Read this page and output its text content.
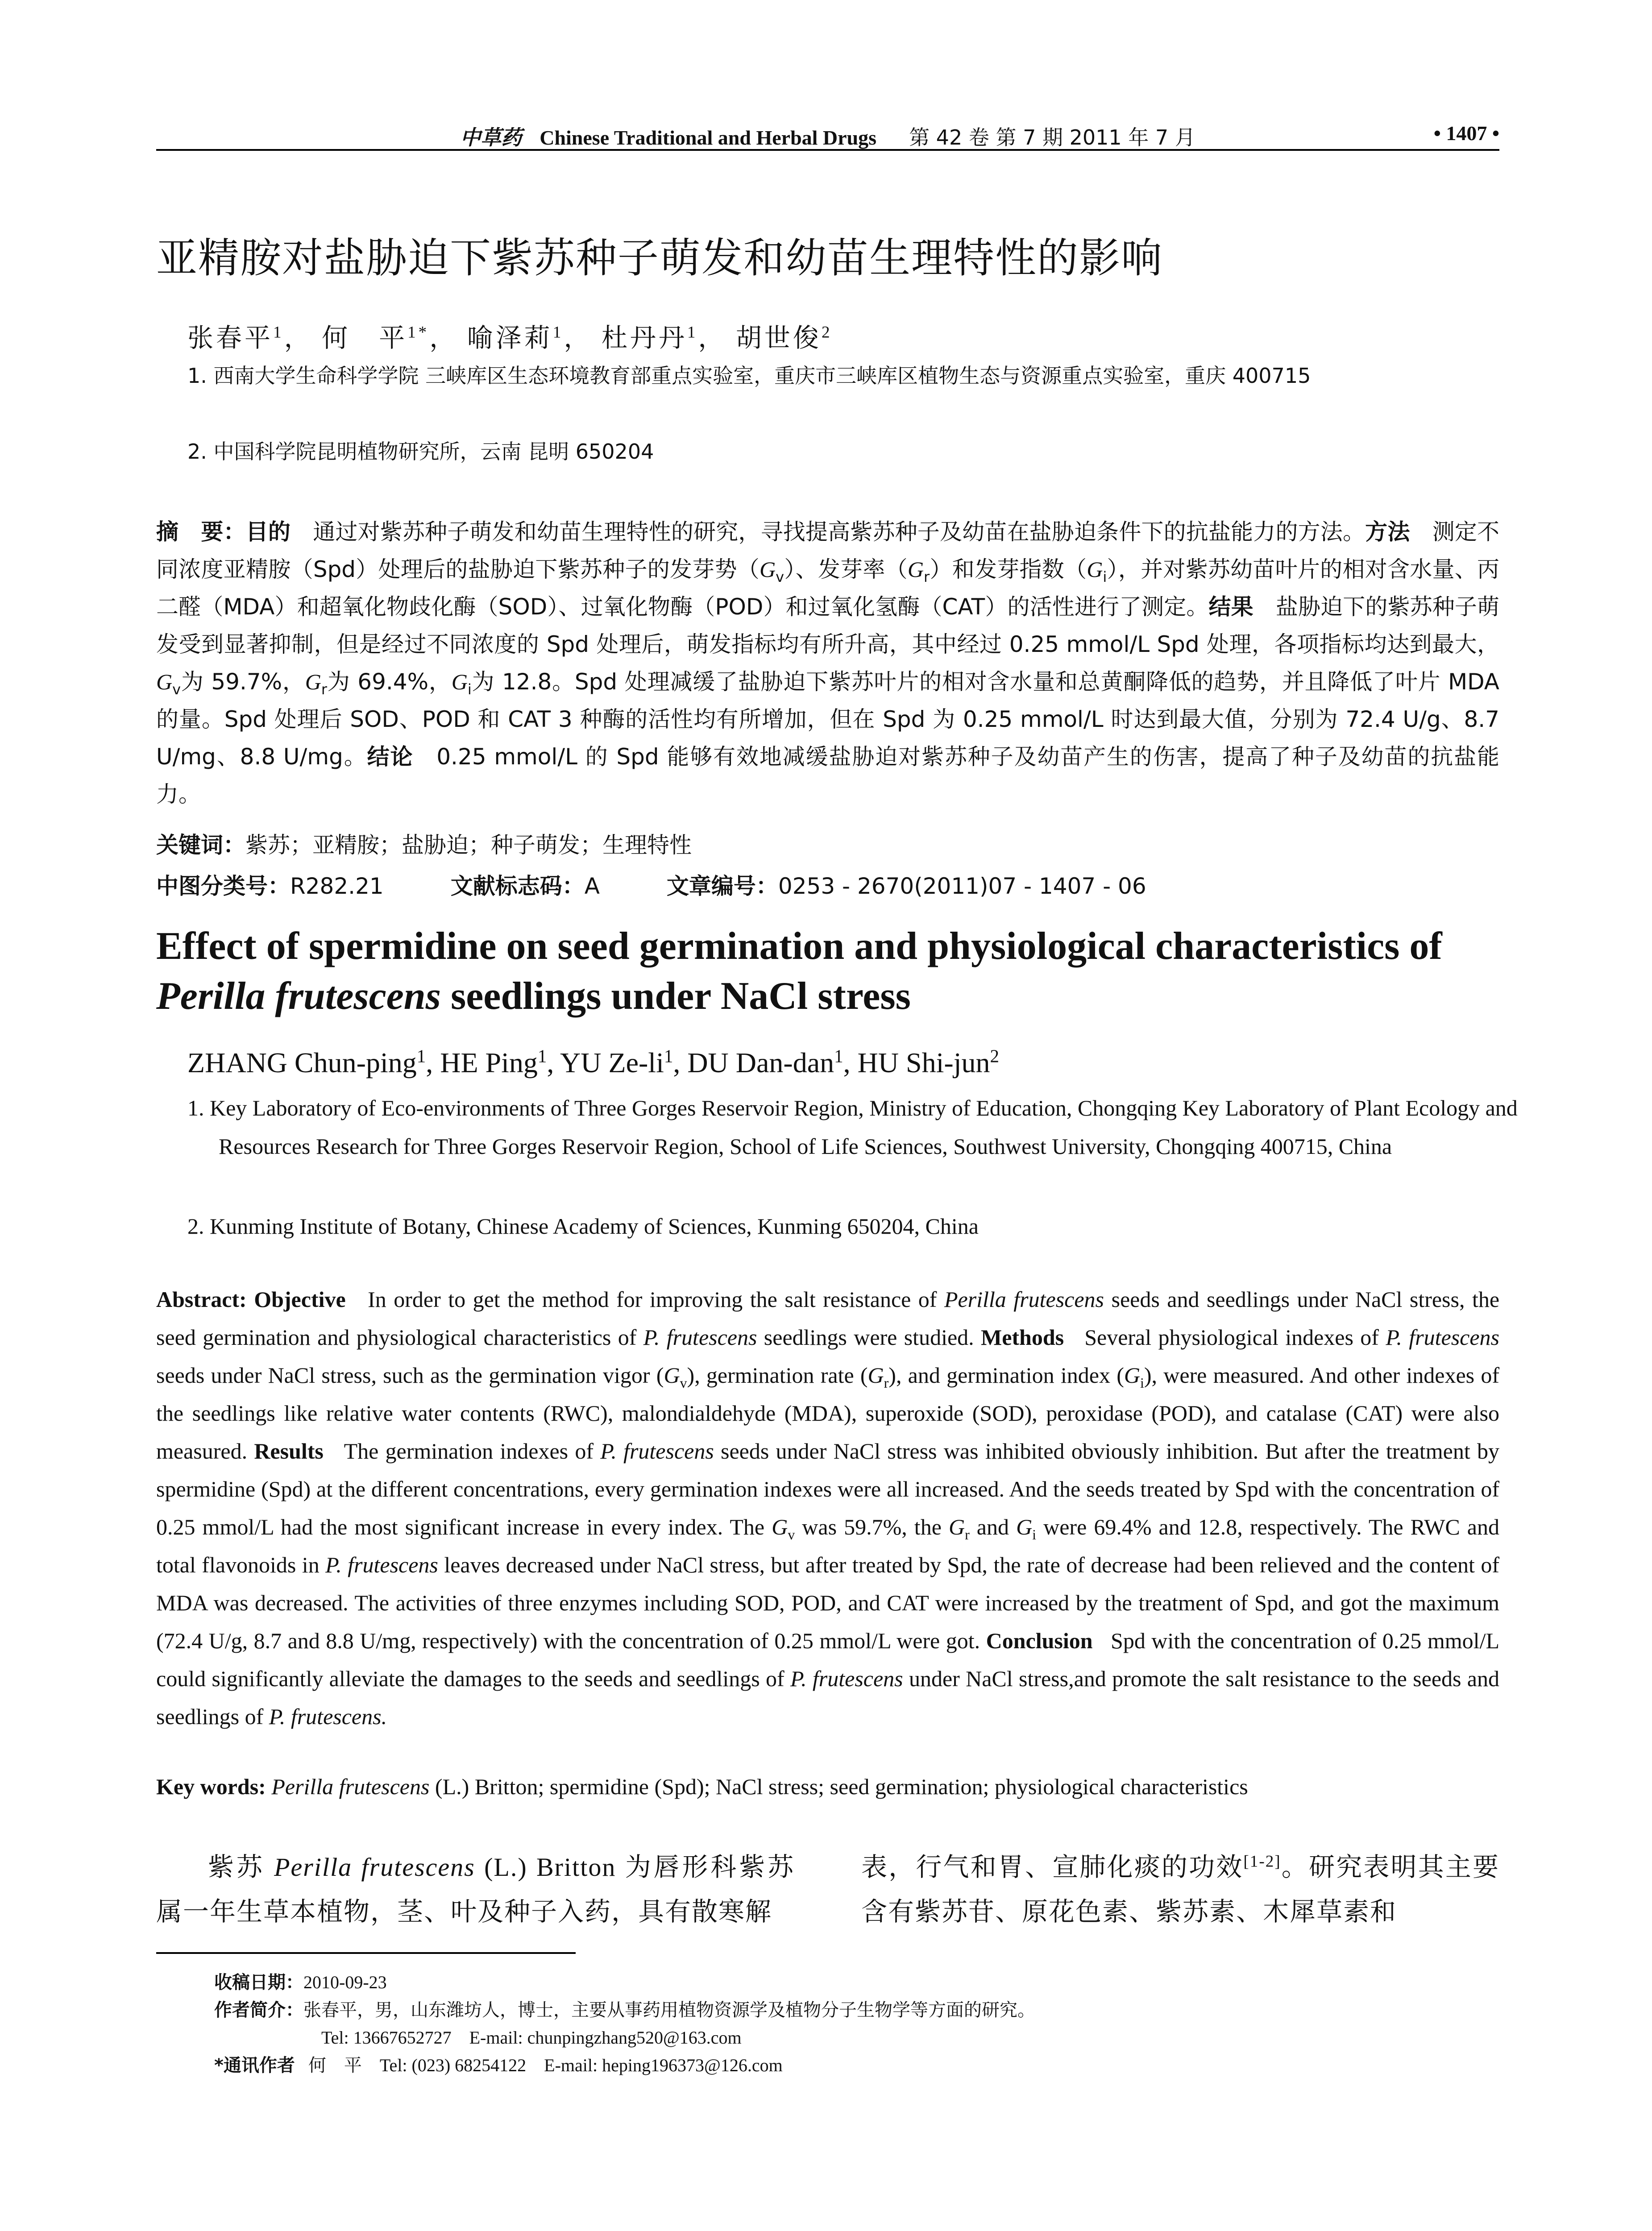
中草药 Chinese Traditional and Herbal Drugs 第 42 卷 第 7 期 2011 年 7 月	• 1407 •
亚精胺对盐胁迫下紫苏种子萌发和幼苗生理特性的影响
张春平$^1$， 何　平$^{1*}$， 喻泽莉$^1$， 杜丹丹$^1$， 胡世俊$^2$
1. 西南大学生命科学学院 三峡库区生态环境教育部重点实验室，重庆市三峡库区植物生态与资源重点实验室，重庆 400715
2. 中国科学院昆明植物研究所，云南 昆明 650204
摘　要：目的　 通过对紫苏种子萌发和幼苗生理特性的研究，寻找提高紫苏种子及幼苗在盐胁迫条件下的抗盐能力的方法。方法　 测定不同浓度亚精胺（Spd）处理后的盐胁迫下紫苏种子的发芽势$(G_v)$、发芽率$(G_r)$和发芽指数$(G_i)$，并对紫苏幼苗叶片的相对含水量、丙二醛（MDA）和超氧化物歧化酶（SOD）、过氧化物酶（POD）和过氧化氢酶（CAT）的活性进行了测定。结果　 盐胁迫下的紫苏种子萌发受到显著抑制，但是经过不同浓度的 Spd 处理后，萌发指标均有所升高，其中经过 0.25 mmol/L Spd 处理，各项指标均达到最大，$G_v$为 59.7%，$G_r$为 69.4%，$G_i$为 12.8。Spd 处理减缓了盐胁迫下紫苏叶片的相对含水量和总黄酮降低的趋势，并且降低了叶片 MDA 的量。Spd 处理后 SOD、POD 和 CAT 3 种酶的活性均有所增加，但在 Spd 为 0.25 mmol/L 时达到最大值，分别为 72.4 U/g、8.7 U/mg、8.8 U/mg。结论　 0.25 mmol/L 的 Spd 能够有效地减缓盐胁迫对紫苏种子及幼苗产生的伤害，提高了种子及幼苗的抗盐能力。
关键词：紫苏；亚精胺；盐胁迫；种子萌发；生理特性
中图分类号：R282.21	文献标志码：A	文章编号：0253 - 2670(2011)07 - 1407 - 06
Effect of spermidine on seed germination and physiological characteristics of Perilla frutescens seedlings under NaCl stress
ZHANG Chun-ping$^1$, HE Ping$^1$, YU $Ze-li^1$, DU Dan-dan$^1$, HU Shi-jun$^2$
1. Key Laboratory of Eco-environments of Three Gorges Reservoir Region, Ministry of Education, Chongqing Key Laboratory of Plant Ecology and Resources Research for Three Gorges Reservoir Region, School of Life Sciences, Southwest University, Chongqing 400715, China
2. Kunming Institute of Botany, Chinese Academy of Sciences, Kunming 650204, China
Abstract: Objective In order to get the method for improving the salt resistance of Perilla frutescens seeds and seedlings under NaCl stress, the seed germination and physiological characteristics of P. frutescens seedlings were studied. Methods Several physiological indexes of P. frutescens seeds under NaCl stress, such as the germination vigor $(G_v)$, germination rate $(G_r)$, and germination index $(G_i)$, were measured. And other indexes of the seedlings like relative water contents (RWC), malondialdehyde (MDA), superoxide (SOD), peroxidase (POD), and catalase (CAT) were also measured. Results The germination indexes of P. frutescens seeds under NaCl stress was inhibited obviously inhibition. But after the treatment by spermidine (Spd) at the different concentrations, every germination indexes were all increased. And the seeds treated by Spd with the concentration of 0.25 mmol/L had the most significant increase in every index. The $G_v$ was 59.7%, the $G_r$ and $G_i$ were 69.4% and 12.8, respectively. The RWC and total flavonoids in P. frutescens leaves decreased under NaCl stress, but after treated by Spd, the rate of decrease had been relieved and the content of MDA was decreased. The activities of three enzymes including SOD, POD, and CAT were increased by the treatment of Spd, and got the maximum (72.4 U/g, 8.7 and 8.8 U/mg, respectively) with the concentration of 0.25 mmol/L were got. Conclusion Spd with the concentration of 0.25 mmol/L could significantly alleviate the damages to the seeds and seedlings of P. frutescens under NaCl stress,and promote the salt resistance to the seeds and seedlings of P. frutescens.
Key words: Perilla frutescens (L.) Britton; spermidine (Spd); NaCl stress; seed germination; physiological characteristics
紫苏 Perilla frutescens (L.) Britton 为唇形科紫苏属一年生草本植物，茎、叶及种子入药，具有散寒解
表，行气和胃、宣肺化痰的功效[1-2]。研究表明其主要含有紫苏苷、原花色素、紫苏素、木犀草素和
收稿日期：2010-09-23
作者简介：张春平，男，山东潍坊人，博士，主要从事药用植物资源学及植物分子生物学等方面的研究。
Tel: 13667652727　E-mail: chunpingzhang520@163.com
*通讯作者 何　平　Tel: (023) 68254122　E-mail: heping196373@126.com
